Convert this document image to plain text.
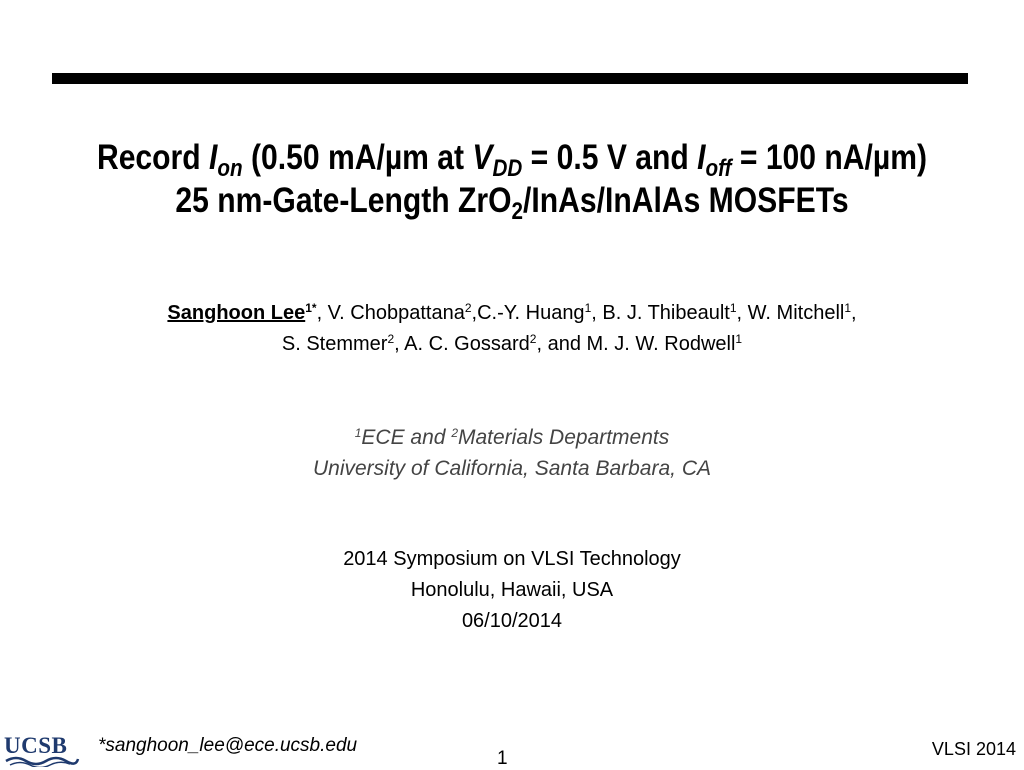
Record $I_{on}$ (0.50 mA/µm at $V_{DD} = 0.5$ V and $I_{off} = 100$ nA/µm)
25 nm-Gate-Length ZrO$_2$/InAs/InAlAs MOSFETs
Sanghoon Lee$^{1*}$, V. Chobpattana$^2$,C.-Y. Huang$^1$, B. J. Thibeault$^1$, W. Mitchell$^1$,
S. Stemmer$^2$, A. C. Gossard$^2$, and M. J. W. Rodwell$^1$
$^1$ECE and $^2$Materials Departments
University of California, Santa Barbara, CA
2014 Symposium on VLSI Technology
Honolulu, Hawaii, USA
06/10/2014
UCSB *sanghoon_lee@ece.ucsb.edu
1	VLSI 2014
